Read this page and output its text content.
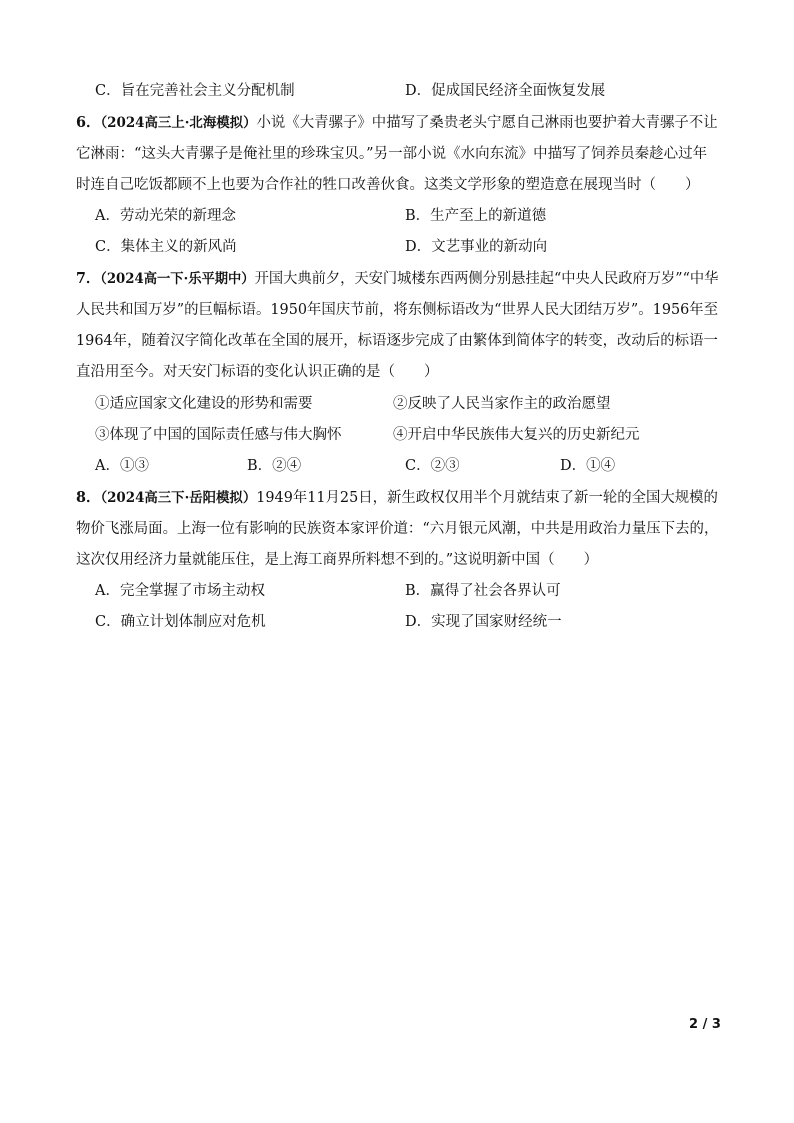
C．旨在完善社会主义分配机制	D．促成国民经济全面恢复发展
6．（2024高三上·北海模拟）小说《大青骡子》中描写了桑贵老头宁愿自己淋雨也要护着大青骡子不让
它淋雨：“这头大青骡子是俺社里的珍珠宝贝。”另一部小说《水向东流》中描写了饲养员秦趁心过年
时连自己吃饭都顾不上也要为合作社的牲口改善伙食。这类文学形象的塑造意在展现当时（　　）
A．劳动光荣的新理念	B．生产至上的新道德
C．集体主义的新风尚	D．文艺事业的新动向
7．（2024高一下·乐平期中）开国大典前夕，天安门城楼东西两侧分别悬挂起“中央人民政府万岁”“中华
人民共和国万岁”的巨幅标语。1950年国庆节前，将东侧标语改为“世界人民大团结万岁”。1956年至
1964年，随着汉字简化改革在全国的展开，标语逐步完成了由繁体到简体字的转变，改动后的标语一
直沿用至今。对天安门标语的变化认识正确的是（　　）
①适应国家文化建设的形势和需要	②反映了人民当家作主的政治愿望
③体现了中国的国际责任感与伟大胸怀	④开启中华民族伟大复兴的历史新纪元
A．①③	B．②④	C．②③	D．①④
8．（2024高三下·岳阳模拟）1949年11月25日，新生政权仅用半个月就结束了新一轮的全国大规模的
物价飞涨局面。上海一位有影响的民族资本家评价道：“六月银元风潮，中共是用政治力量压下去的，
这次仅用经济力量就能压住，是上海工商界所料想不到的。”这说明新中国（　　）
A．完全掌握了市场主动权	B．赢得了社会各界认可
C．确立计划体制应对危机	D．实现了国家财经统一
2 / 3
